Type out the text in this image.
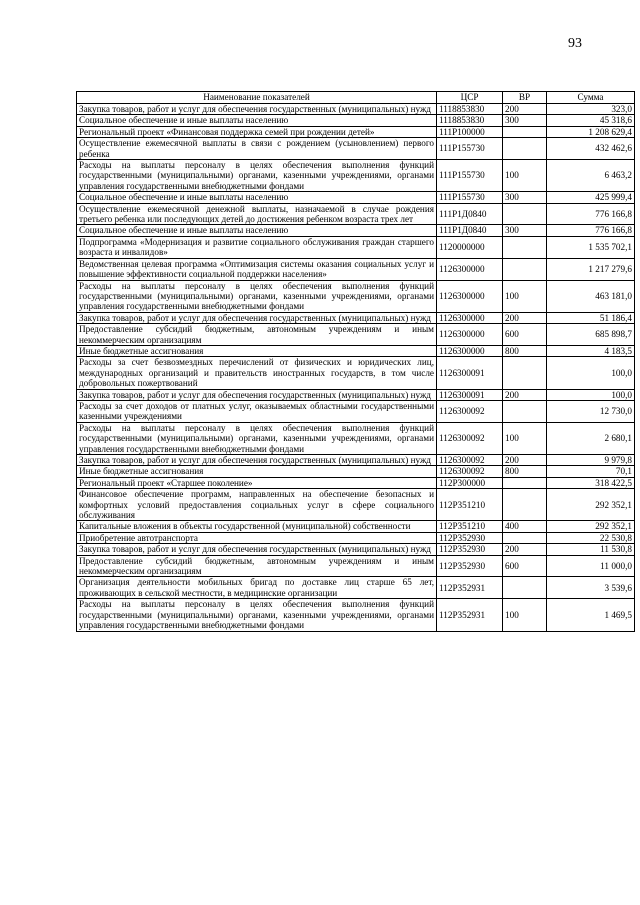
93
Наименование показателей	ЦСР	ВР	Сумма
Закупка товаров, работ и услуг для обеспечения государственных (муниципальных) нужд	1118853830	200	323,0
Социальное обеспечение и иные выплаты населению	1118853830	300	45 318,6
Региональный проект «Финансовая поддержка семей при рождении детей»	111P100000		1 208 629,4
Осуществление ежемесячной выплаты в связи с рождением (усыновлением) первого ребенка	111P155730		432 462,6
Расходы на выплаты персоналу в целях обеспечения выполнения функций государственными (муниципальными) органами, казенными учреждениями, органами управления государственными внебюджетными фондами	111P155730	100	6 463,2
Социальное обеспечение и иные выплаты населению	111P155730	300	425 999,4
Осуществление ежемесячной денежной выплаты, назначаемой в случае рождения третьего ребенка или последующих детей до достижения ребенком возраста трех лет	111P1Д0840		776 166,8
Социальное обеспечение и иные выплаты населению	111P1Д0840	300	776 166,8
Подпрограмма «Модернизация и развитие социального обслуживания граждан старшего возраста и инвалидов»	1120000000		1 535 702,1
Ведомственная целевая программа «Оптимизация системы оказания социальных услуг и повышение эффективности социальной поддержки населения»	1126300000		1 217 279,6
Расходы на выплаты персоналу в целях обеспечения выполнения функций государственными (муниципальными) органами, казенными учреждениями, органами управления государственными внебюджетными фондами	1126300000	100	463 181,0
Закупка товаров, работ и услуг для обеспечения государственных (муниципальных) нужд	1126300000	200	51 186,4
Предоставление субсидий бюджетным, автономным учреждениям и иным некоммерческим организациям	1126300000	600	685 898,7
Иные бюджетные ассигнования	1126300000	800	4 183,5
Расходы за счет безвозмездных перечислений от физических и юридических лиц, международных организаций и правительств иностранных государств, в том числе добровольных пожертвований	1126300091		100,0
Закупка товаров, работ и услуг для обеспечения государственных (муниципальных) нужд	1126300091	200	100,0
Расходы за счет доходов от платных услуг, оказываемых областными государственными казенными учреждениями	1126300092		12 730,0
Расходы на выплаты персоналу в целях обеспечения выполнения функций государственными (муниципальными) органами, казенными учреждениями, органами управления государственными внебюджетными фондами	1126300092	100	2 680,1
Закупка товаров, работ и услуг для обеспечения государственных (муниципальных) нужд	1126300092	200	9 979,8
Иные бюджетные ассигнования	1126300092	800	70,1
Региональный проект «Старшее поколение»	112P300000		318 422,5
Финансовое обеспечение программ, направленных на обеспечение безопасных и комфортных условий предоставления социальных услуг в сфере социального обслуживания	112P351210		292 352,1
Капитальные вложения в объекты государственной (муниципальной) собственности	112P351210	400	292 352,1
Приобретение автотранспорта	112P352930		22 530,8
Закупка товаров, работ и услуг для обеспечения государственных (муниципальных) нужд	112P352930	200	11 530,8
Предоставление субсидий бюджетным, автономным учреждениям и иным некоммерческим организациям	112P352930	600	11 000,0
Организация деятельности мобильных бригад по доставке лиц старше 65 лет, проживающих в сельской местности, в медицинские организации	112P352931		3 539,6
Расходы на выплаты персоналу в целях обеспечения выполнения функций государственными (муниципальными) органами, казенными учреждениями, органами управления государственными внебюджетными фондами	112P352931	100	1 469,5
